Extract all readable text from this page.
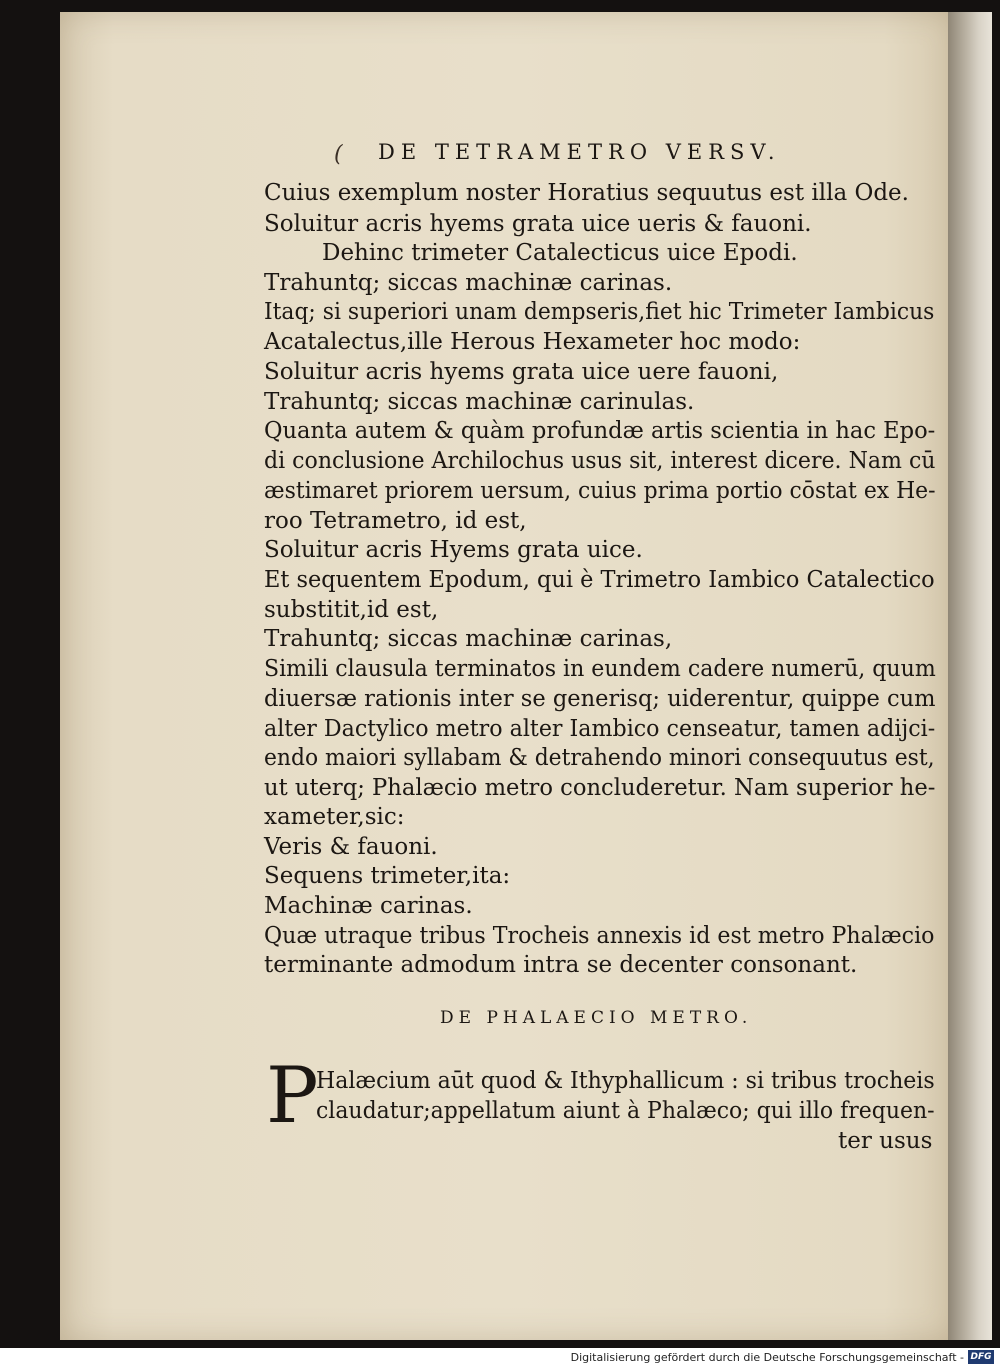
( DE TETRAMETRO VERSV.
Cuius exemplum noster Horatius sequutus est illa Ode.
Soluitur acris hyems grata uice ueris & fauoni.
Dehinc trimeter Catalecticus uice Epodi.
Trahuntq; siccas machinæ carinas.
Itaq; si superiori unam dempseris,fiet hic Trimeter Iambicus
Acatalectus,ille Herous Hexameter hoc modo:
Soluitur acris hyems grata uice uere fauoni,
Trahuntq; siccas machinæ carinulas.
Quanta autem & quàm profundæ artis scientia in hac Epo-
di conclusione Archilochus usus sit, interest dicere. Nam cū
æstimaret priorem uersum, cuius prima portio cōstat ex He-
roo Tetrametro, id est,
Soluitur acris Hyems grata uice.
Et sequentem Epodum, qui è Trimetro Iambico Catalectico
substitit,id est,
Trahuntq; siccas machinæ carinas,
Simili clausula terminatos in eundem cadere numerū, quum
diuersæ rationis inter se generisq; uiderentur, quippe cum
alter Dactylico metro alter Iambico censeatur, tamen adijci-
endo maiori syllabam & detrahendo minori consequutus est,
ut uterq; Phalæcio metro concluderetur. Nam superior he-
xameter,sic:
Veris & fauoni.
Sequens trimeter,ita:
Machinæ carinas.
Quæ utraque tribus Trocheis annexis id est metro Phalæcio
terminante admodum intra se decenter consonant.
DE PHALAECIO METRO.
P
Halæcium aūt quod & Ithyphallicum : si tribus trocheis
claudatur;appellatum aiunt à Phalæco; qui illo frequen-
ter usus
Digitalisierung gefördert durch die Deutsche Forschungsgemeinschaft - DFG
